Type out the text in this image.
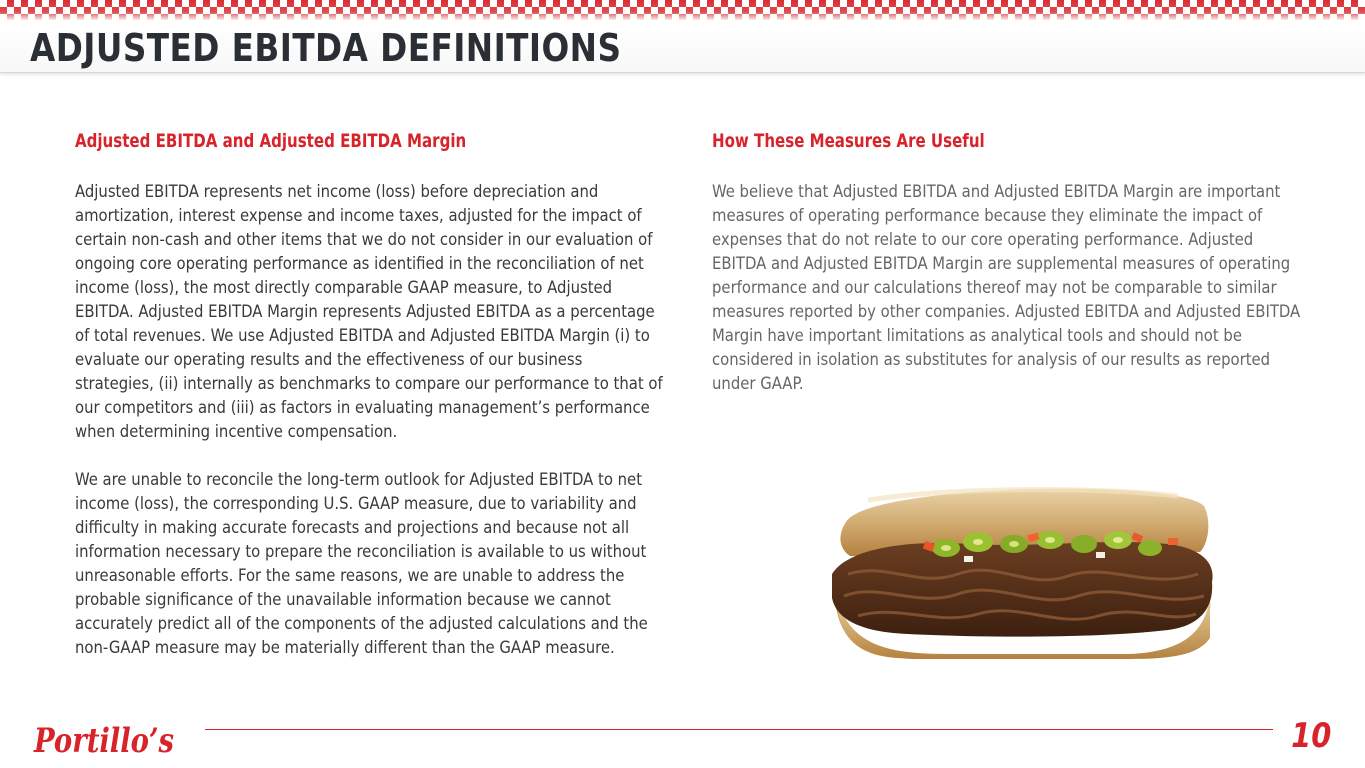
ADJUSTED EBITDA DEFINITIONS
Adjusted EBITDA and Adjusted EBITDA Margin

Adjusted EBITDA represents net income (loss) before depreciation and amortization, interest expense and income taxes, adjusted for the impact of certain non-cash and other items that we do not consider in our evaluation of ongoing core operating performance as identified in the reconciliation of net income (loss), the most directly comparable GAAP measure, to Adjusted EBITDA. Adjusted EBITDA Margin represents Adjusted EBITDA as a percentage of total revenues. We use Adjusted EBITDA and Adjusted EBITDA Margin (i) to evaluate our operating results and the effectiveness of our business strategies, (ii) internally as benchmarks to compare our performance to that of our competitors and (iii) as factors in evaluating management’s performance when determining incentive compensation.

We are unable to reconcile the long-term outlook for Adjusted EBITDA to net income (loss), the corresponding U.S. GAAP measure, due to variability and difficulty in making accurate forecasts and projections and because not all information necessary to prepare the reconciliation is available to us without unreasonable efforts. For the same reasons, we are unable to address the probable significance of the unavailable information because we cannot accurately predict all of the components of the adjusted calculations and the non-GAAP measure may be materially different than the GAAP measure.

How These Measures Are Useful

We believe that Adjusted EBITDA and Adjusted EBITDA Margin are important measures of operating performance because they eliminate the impact of expenses that do not relate to our core operating performance. Adjusted EBITDA and Adjusted EBITDA Margin are supplemental measures of operating performance and our calculations thereof may not be comparable to similar measures reported by other companies. Adjusted EBITDA and Adjusted EBITDA Margin have important limitations as analytical tools and should not be considered in isolation as substitutes for analysis of our results as reported under GAAP.

Portillo’s	10
